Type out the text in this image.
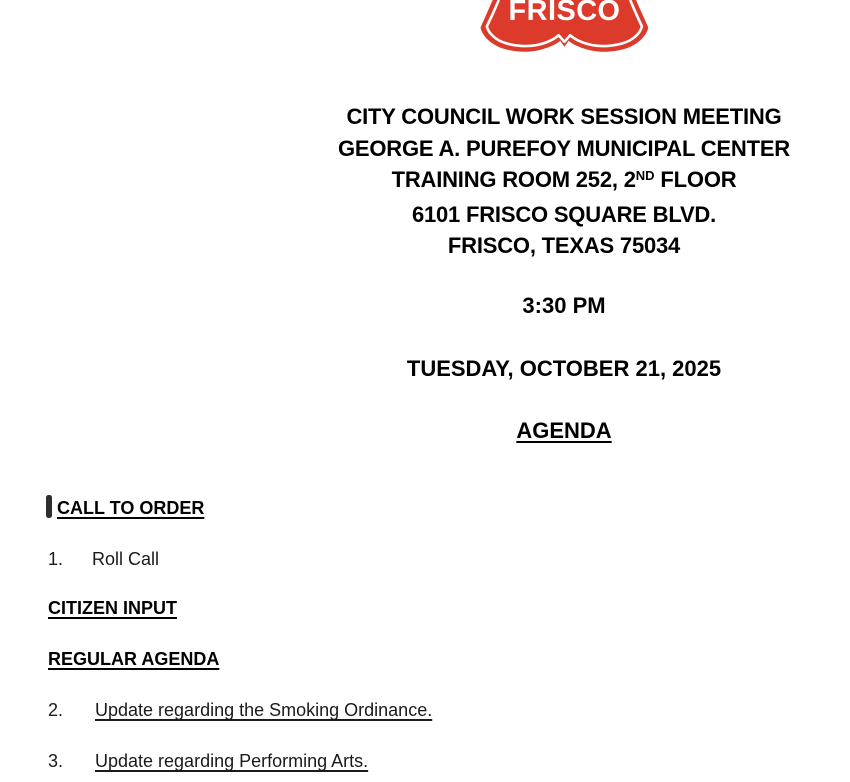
FRISCO
CITY COUNCIL WORK SESSION MEETING
GEORGE A. PUREFOY MUNICIPAL CENTER
TRAINING ROOM 252, 2ND FLOOR
6101 FRISCO SQUARE BLVD.
FRISCO, TEXAS 75034
3:30 PM
TUESDAY, OCTOBER 21, 2025
AGENDA
CALL TO ORDER
1. Roll Call
CITIZEN INPUT
REGULAR AGENDA
2. Update regarding the Smoking Ordinance.
3. Update regarding Performing Arts.
